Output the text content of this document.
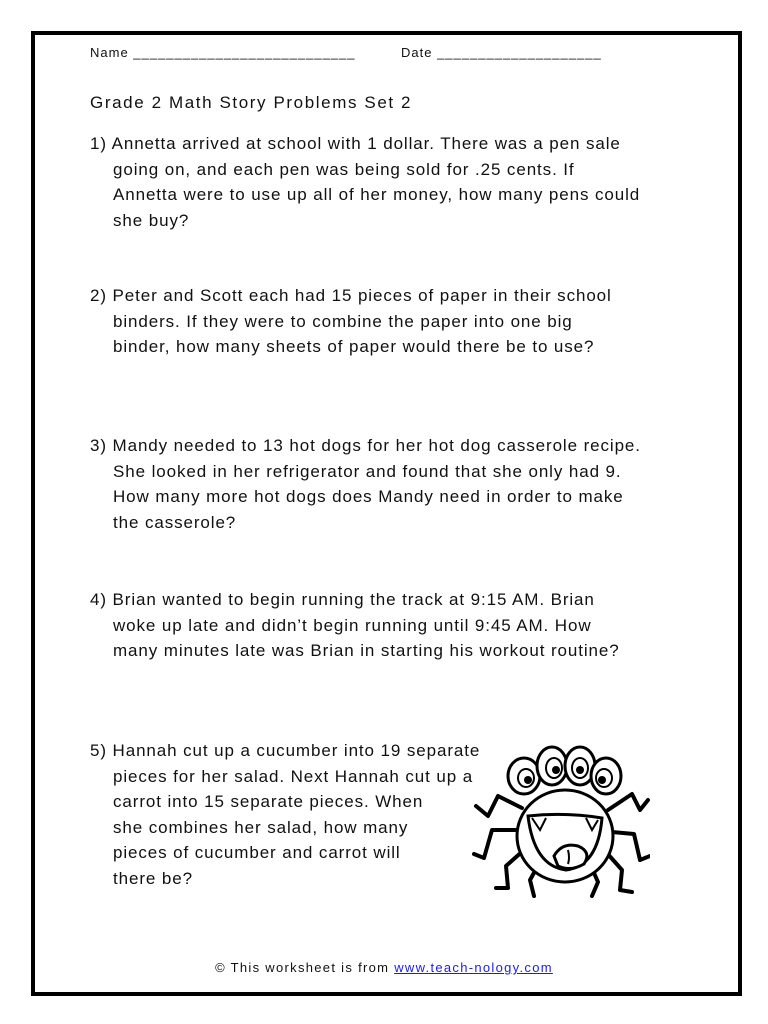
Name ___________________________	Date ____________________
Grade 2 Math Story Problems Set 2
1) Annetta arrived at school with 1 dollar. There was a pen sale
going on, and each pen was being sold for .25 cents. If
Annetta were to use up all of her money, how many pens could
she buy?
2) Peter and Scott each had 15 pieces of paper in their school
binders. If they were to combine the paper into one big
binder, how many sheets of paper would there be to use?
3) Mandy needed to 13 hot dogs for her hot dog casserole recipe.
She looked in her refrigerator and found that she only had 9.
How many more hot dogs does Mandy need in order to make
the casserole?
4) Brian wanted to begin running the track at 9:15 AM. Brian
woke up late and didn’t begin running until 9:45 AM. How
many minutes late was Brian in starting his workout routine?
5) Hannah cut up a cucumber into 19 separate
pieces for her salad. Next Hannah cut up a
carrot into 15 separate pieces. When
she combines her salad, how many
pieces of cucumber and carrot will
there be?
© This worksheet is from www.teach-nology.com
